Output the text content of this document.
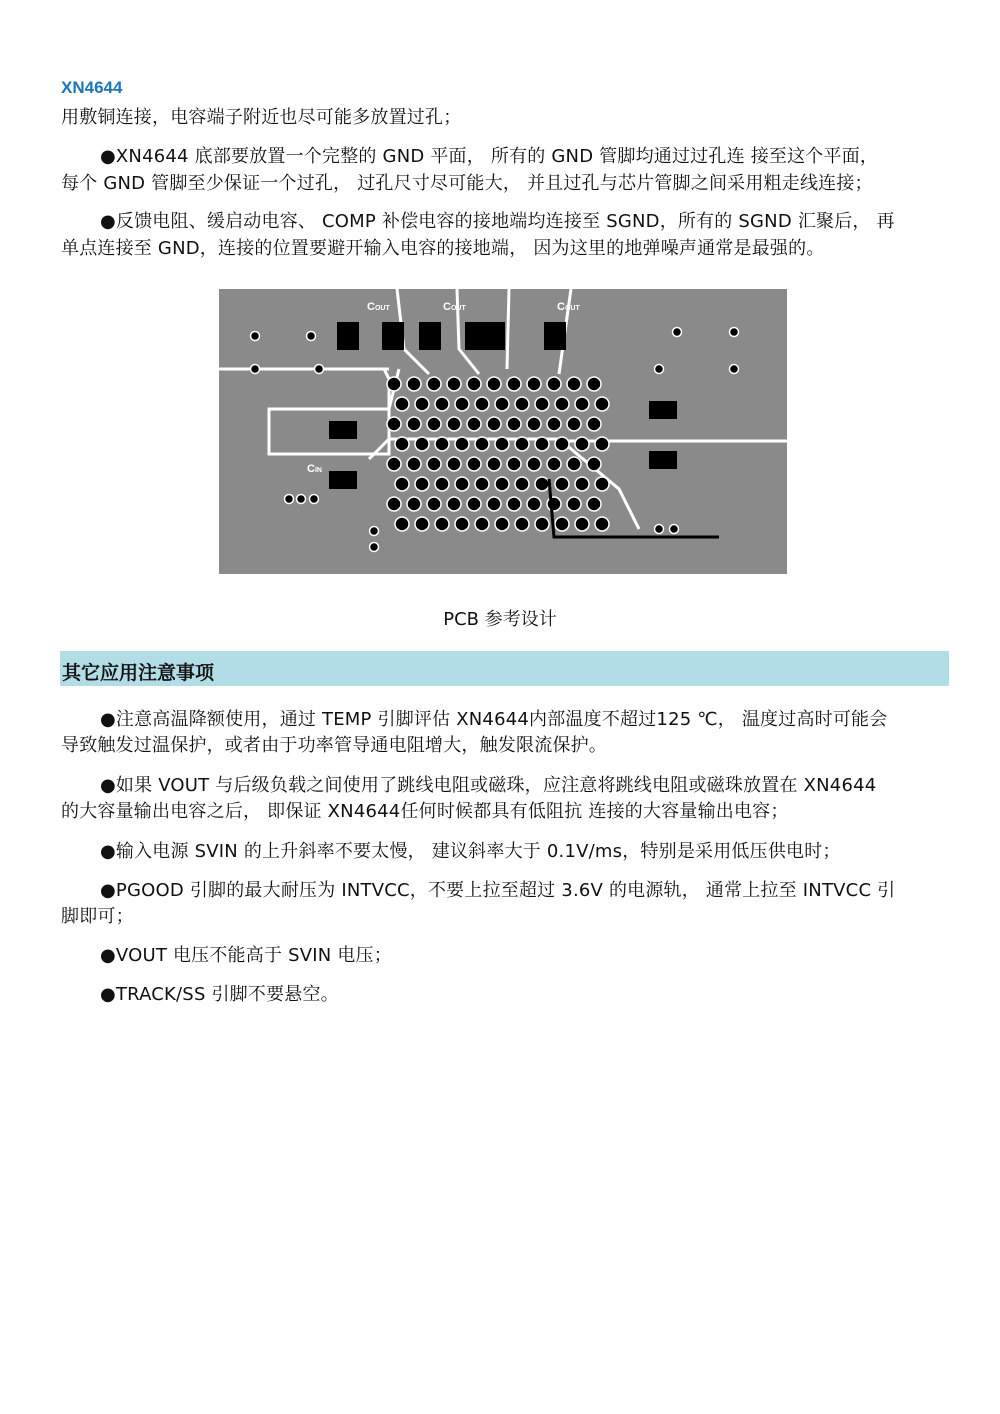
XN4644
用敷铜连接，电容端子附近也尽可能多放置过孔；
●XN4644 底部要放置一个完整的 GND 平面， 所有的 GND 管脚均通过过孔连 接至这个平面，
每个 GND 管脚至少保证一个过孔， 过孔尺寸尽可能大， 并且过孔与芯片管脚之间采用粗走线连接；
●反馈电阻、缓启动电容、 COMP 补偿电容的接地端均连接至 SGND，所有的 SGND 汇聚后， 再
单点连接至 GND，连接的位置要避开输入电容的接地端， 因为这里的地弹噪声通常是最强的。
COUT	COUT	COUT
CIN
PCB 参考设计
其它应用注意事项
●注意高温降额使用，通过 TEMP 引脚评估 XN4644内部温度不超过125 ℃， 温度过高时可能会
导致触发过温保护，或者由于功率管导通电阻增大，触发限流保护。
●如果 VOUT 与后级负载之间使用了跳线电阻或磁珠，应注意将跳线电阻或磁珠放置在 XN4644
的大容量输出电容之后， 即保证 XN4644任何时候都具有低阻抗 连接的大容量输出电容；
●输入电源 SVIN 的上升斜率不要太慢， 建议斜率大于 0.1V/ms，特别是采用低压供电时；
●PGOOD 引脚的最大耐压为 INTVCC，不要上拉至超过 3.6V 的电源轨， 通常上拉至 INTVCC 引
脚即可；
●VOUT 电压不能高于 SVIN 电压；
●TRACK/SS 引脚不要悬空。
